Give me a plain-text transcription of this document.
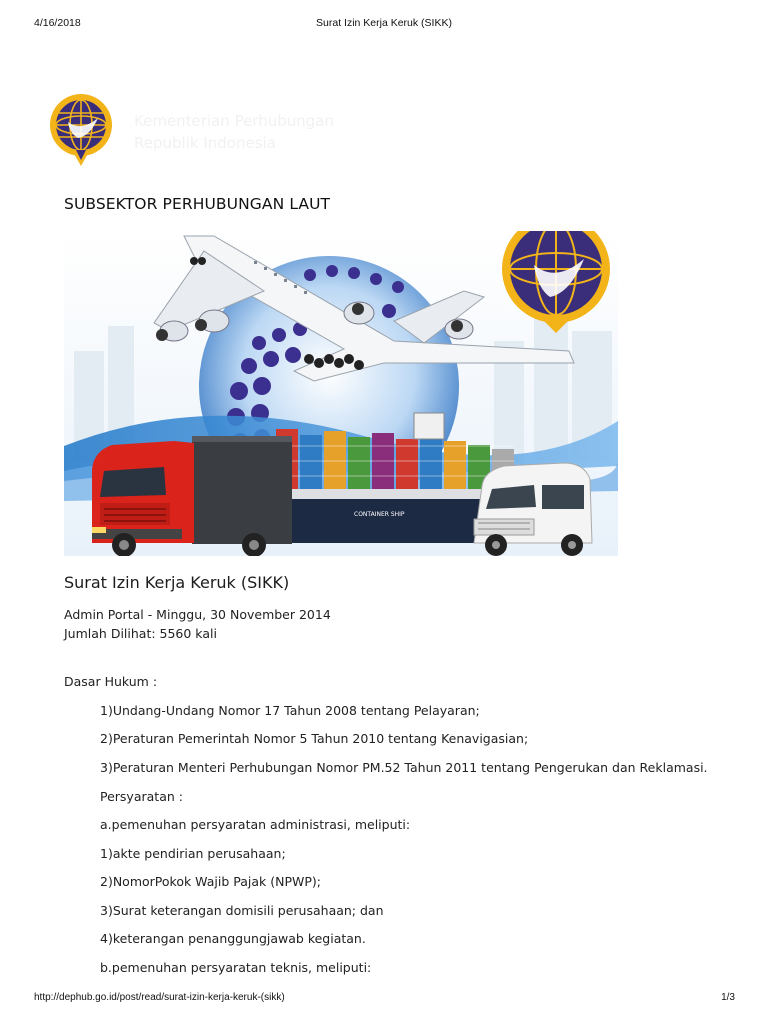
4/16/2018	Surat Izin Kerja Keruk (SIKK)
Kementerian Perhubungan
Republik Indonesia
SUBSEKTOR PERHUBUNGAN LAUT
CONTAINER SHIP
Surat Izin Kerja Keruk (SIKK)
Admin Portal - Minggu, 30 November 2014
Jumlah Dilihat: 5560 kali
Dasar Hukum :
1)Undang-Undang Nomor 17 Tahun 2008 tentang Pelayaran;
2)Peraturan Pemerintah Nomor 5 Tahun 2010 tentang Kenavigasian;
3)Peraturan Menteri Perhubungan Nomor PM.52 Tahun 2011 tentang Pengerukan dan Reklamasi.
Persyaratan :
a.pemenuhan persyaratan administrasi, meliputi:
1)akte pendirian perusahaan;
2)NomorPokok Wajib Pajak (NPWP);
3)Surat keterangan domisili perusahaan; dan
4)keterangan penanggungjawab kegiatan.
b.pemenuhan persyaratan teknis, meliputi:
http://dephub.go.id/post/read/surat-izin-kerja-keruk-(sikk)	1/3
